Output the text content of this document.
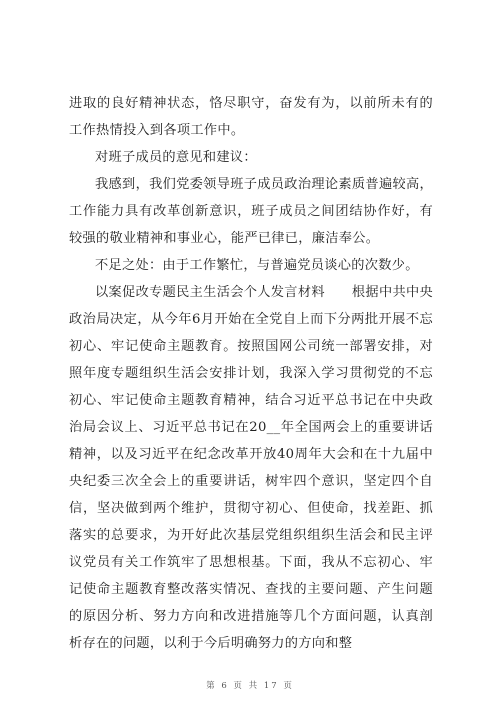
进取的良好精神状态，恪尽职守，奋发有为，以前所未有的工作热情投入到各项工作中。

对班子成员的意见和建议：

我感到，我们党委领导班子成员政治理论素质普遍较高，工作能力具有改革创新意识，班子成员之间团结协作好，有较强的敬业精神和事业心，能严已律已，廉洁奉公。

不足之处：由于工作繁忙，与普遍党员谈心的次数少。

以案促改专题民主生活会个人发言材料　　根据中共中央政治局决定，从今年6月开始在全党自上而下分两批开展不忘初心、牢记使命主题教育。按照国网公司统一部署安排，对照年度专题组织生活会安排计划，我深入学习贯彻党的不忘初心、牢记使命主题教育精神，结合习近平总书记在中央政治局会议上、习近平总书记在20__年全国两会上的重要讲话精神，以及习近平在纪念改革开放40周年大会和在十九届中央纪委三次全会上的重要讲话，树牢四个意识，坚定四个自信，坚决做到两个维护，贯彻守初心、但使命，找差距、抓落实的总要求，为开好此次基层党组织组织生活会和民主评议党员有关工作筑牢了思想根基。下面，我从不忘初心、牢记使命主题教育整改落实情况、查找的主要问题、产生问题的原因分析、努力方向和改进措施等几个方面问题，认真剖析存在的问题，以利于今后明确努力的方向和整

第 6 页 共 17 页
